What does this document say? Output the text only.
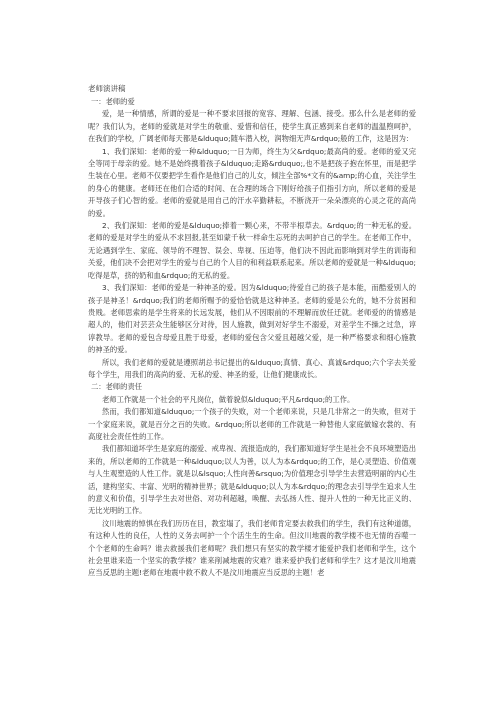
老师演讲稿

一：老师的爱

爱，是一种情感，所谓的爱是一种不要求回报的宽容、理解、包涵、接受。那么什么是老师的爱呢？我们认为，老师的爱就是对学生的敬重、爱惜和信任，使学生真正感到来自老师的温温煦呵护，在我们的学校，广阔老师每天都是&lduquo;随车潜入校，润物细无声&rdquo;般的工作，这是因为：

1、我们深知：老师的爱一种&lduquo;一日为师，终生为父&rdquo;最高尚的爱。老师的爱又完全等同于母亲的爱。她不是始终携着孩子&lduquo;走路&rduquo;,也不是把孩子抱在怀里，而是把学生装在心里。老师不仅要把学生看作是他们自己的儿女，倾注全部%*文有的&amp;的心血，关注学生的身心的健康。老师还在他们合适的时间、在合理的场合下刚好给孩子们指引方向，所以老师的爱是开导孩子们心智的爱。老师的爱就是用自己的汗水辛勤耕耘，不断浇开一朵朵漂亮的心灵之花的高尚的爱。

2、我们深知：老师的爱是&lduquo;捧着一颗心来，不带半根草去。&rdquo;的一种无私的爱。老师的爱是对学生的爱从不求回报,甚至如蒙千秋一样命生忘死的去呵护自己的学生。在老师工作中，无论遇到学生、家庭、领导的不理智、误会、卑视、压迫等，他们决不因此而影响到对学生的训诲和关爱，他们决不会把对学生的爱与自己的个人目的和利益联系起来。所以老师的爱就是一种&lduquo;吃得是草，挤的奶和血&rdquo;的无私的爱。

3、我们深知：老师的爱是一种神圣的爱。因为&lduquo;待爱自己的孩子是本能，而酷爱别人的孩子是神圣！&rdquo;我们的老师所赐予的爱恰恰就是这种神圣。老师的爱是公允的，她不分贫困和贵贱。老师思索的是学生将来的长远发展，他们从不因眼前的不理解而放任迁就。老师爱的的情感是超人的，他们对芸芸众生能够区分对待，因人施教，做到对好学生不溺爱，对差学生不操之过急，谆谆教导。老师的爱包含母爱且胜于母爱，老师的爱包含父爱且超越父爱，是一种严格要求和细心施教的神圣的爱。

所以，我们老师的爱就是遵照胡总书记提出的&lduquo;真情、真心、真诚&rdquo;六个字去关爱每个学生，用我们的高尚的爱、无私的爱、神圣的爱，让他们健康成长。

二：老师的责任

老师工作就是一个社会的平凡岗位，做着貌似&lduquo;平凡&rdquo;的工作。

然而，我们都知道&lduquo;一个孩子的失败，对一个老师来说，只是几非常之一的失败，但对于一个家庭来说，就是百分之百的失败。&rdquo;所以老师的工作就是一种替他人家庭做嫁衣裳的、有高度社会责任性的工作。

我们都知道坏学生是家庭的溺爱、戒卑视、流报造成的，我们都知道好学生是社会不良环境塑造出来的，所以老师的工作就是一种&lduquo;以人为善，以人为本&rdquo;的工作，是心灵塑造、价值观与人生观塑造的人性工作。就是以&lsquo;人性向善&rsquo;为价值理念引导学生去营造明丽的内心生活，建构坚实、丰富、光明的精神世界；就是&lduquo;以人为本&rdquo;的理念去引导学生追求人生的意义和价值，引导学生去对世俗、对功利超越，唤醒、去弘扬人性、提升人性的一种无比正义的、无比光明的工作。

汶川地震的悼惧在我们历历在目，教室塌了，我们老师肯定要去救我们的学生，我们有这种道德，有这种人性的良任，人性的义务去呵护一个个活生生的生命。但汶川地震的教学楼不也无情的吞噬一个个老师的生命吗？谁去救援我们老师呢？我们想只有坚实的教学楼才能爱护我们老师和学生，这个社会里谁来造一个坚实的教学楼？谁来削减地震的灾难？谁来爱护我们老师和学生？这才是汶川地震应当反思的主题!老师在地震中救不救人不是汶川地震应当反思的主题！老
